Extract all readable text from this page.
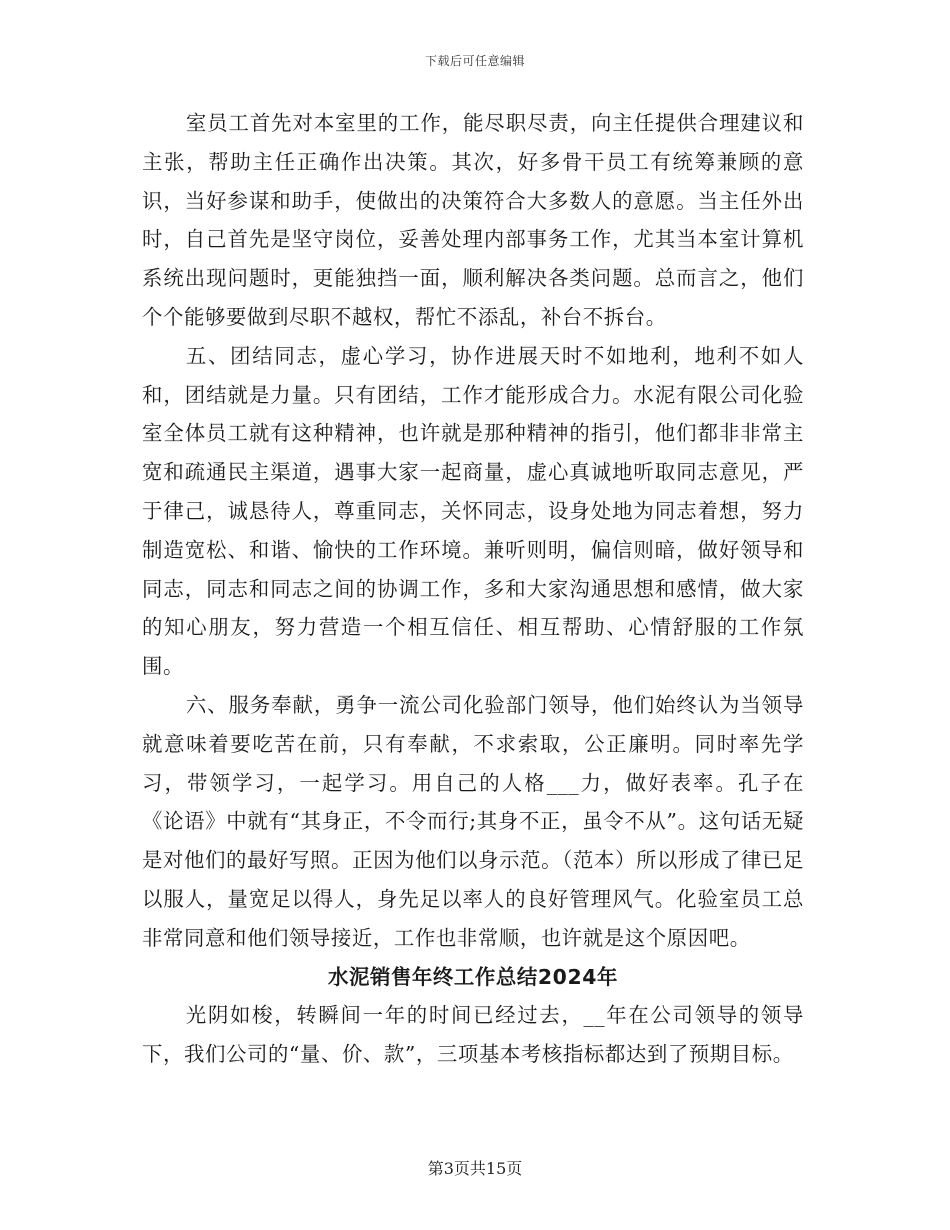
下载后可任意编辑

室员工首先对本室里的工作，能尽职尽责，向主任提供合理建议和主张，帮助主任正确作出决策。其次，好多骨干员工有统筹兼顾的意识，当好参谋和助手，使做出的决策符合大多数人的意愿。当主任外出时，自己首先是坚守岗位，妥善处理内部事务工作，尤其当本室计算机系统出现问题时，更能独挡一面，顺利解决各类问题。总而言之，他们个个能够要做到尽职不越权，帮忙不添乱，补台不拆台。

五、团结同志，虚心学习，协作进展天时不如地利，地利不如人和，团结就是力量。只有团结，工作才能形成合力。水泥有限公司化验室全体员工就有这种精神，也许就是那种精神的指引，他们都非非常主宽和疏通民主渠道，遇事大家一起商量，虚心真诚地听取同志意见，严于律己，诚恳待人，尊重同志，关怀同志，设身处地为同志着想，努力制造宽松、和谐、愉快的工作环境。兼听则明，偏信则暗，做好领导和同志，同志和同志之间的协调工作，多和大家沟通思想和感情，做大家的知心朋友，努力营造一个相互信任、相互帮助、心情舒服的工作氛围。

六、服务奉献，勇争一流公司化验部门领导，他们始终认为当领导就意味着要吃苦在前，只有奉献，不求索取，公正廉明。同时率先学习，带领学习，一起学习。用自己的人格___力，做好表率。孔子在《论语》中就有“其身正，不令而行;其身不正，虽令不从”。这句话无疑是对他们的最好写照。正因为他们以身示范。（范本）所以形成了律已足以服人，量宽足以得人，身先足以率人的良好管理风气。化验室员工总非常同意和他们领导接近，工作也非常顺，也许就是这个原因吧。

水泥销售年终工作总结2024年

光阴如梭，转瞬间一年的时间已经过去，__年在公司领导的领导下，我们公司的“量、价、款”，三项基本考核指标都达到了预期目标。

第3页共15页
